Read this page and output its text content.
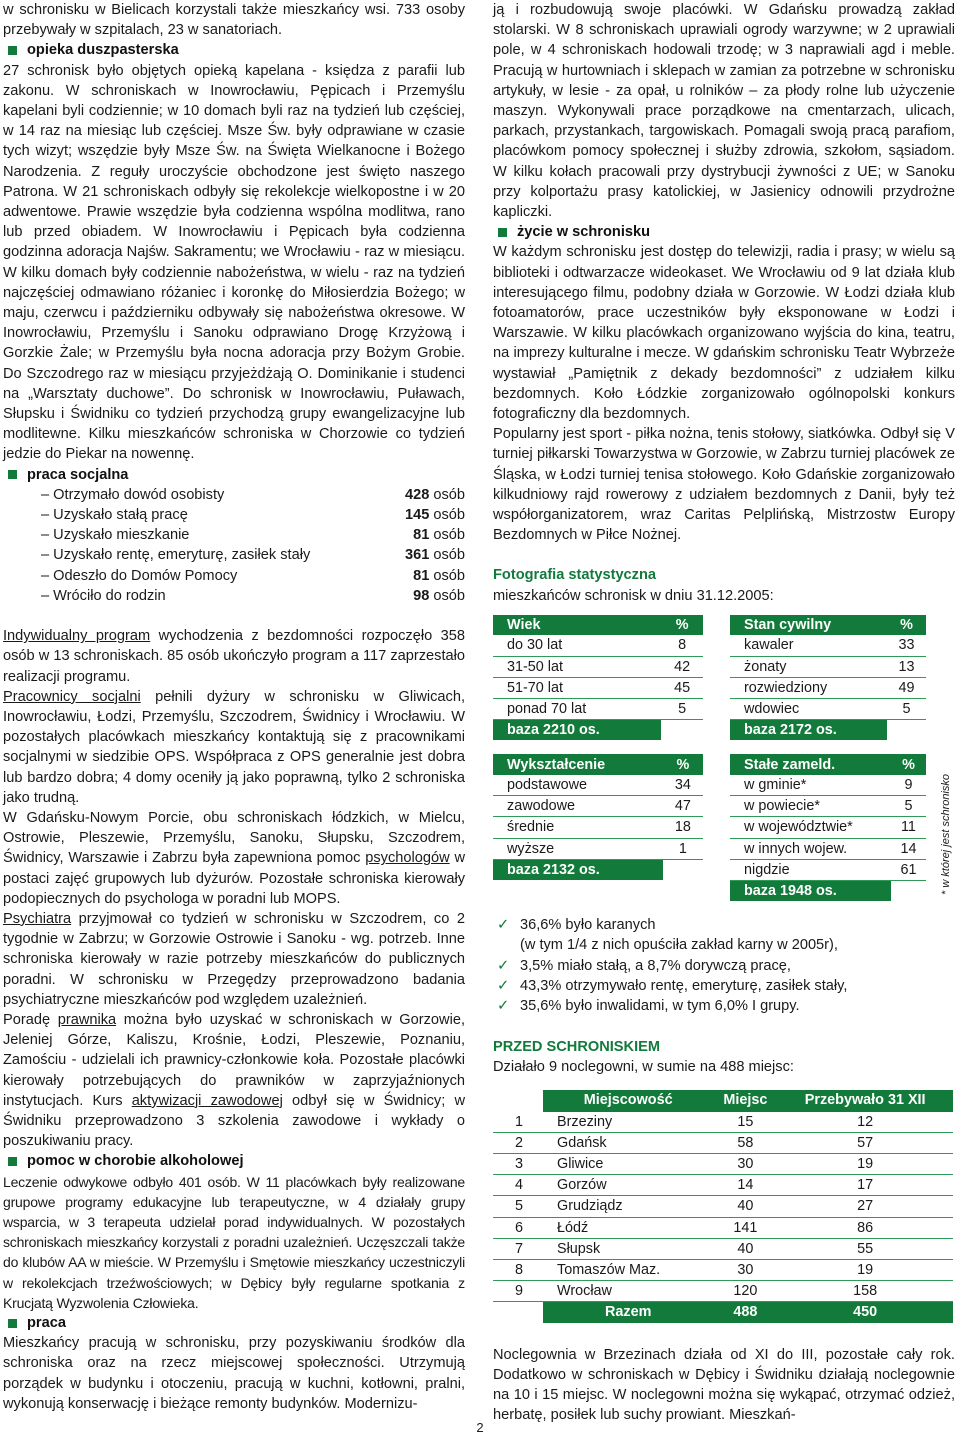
w schronisku w Bielicach korzystali także mieszkańcy wsi. 733 osoby przebywały w szpitalach, 23 w sanatoriach.

opieka duszpasterska

27 schronisk było objętych opieką kapelana - księdza z parafii lub zakonu. W schroniskach w Inowrocławiu, Pępicach i Przemyślu kapelani byli codziennie; w 10 domach byli raz na tydzień lub częściej, w 14 raz na miesiąc lub częściej. Msze Św. były odprawiane w czasie tych wizyt; wszędzie były Msze Św. na Święta Wielkanocne i Bożego Narodzenia. Z reguły uroczyście obchodzone jest święto naszego Patrona. W 21 schroniskach odbyły się rekolekcje wielkopostne i w 20 adwentowe. Prawie wszędzie była codzienna wspólna modlitwa, rano lub przed obiadem. W Inowrocławiu i Pępicach była codzienna godzinna adoracja Najśw. Sakramentu; we Wrocławiu - raz w miesiącu. W kilku domach były codziennie nabożeństwa, w wielu - raz na tydzień najczęściej odmawiano różaniec i koronkę do Miłosierdzia Bożego; w maju, czerwcu i październiku odbywały się nabożeństwa okresowe. W Inowrocławiu, Przemyślu i Sanoku odprawiano Drogę Krzyżową i Gorzkie Żale; w Przemyślu była nocna adoracja przy Bożym Grobie. Do Szczodrego raz w miesiącu przyjeżdżają O. Dominikanie i studenci na „Warsztaty duchowe”. Do schronisk w Inowrocławiu, Puławach, Słupsku i Świdniku co tydzień przychodzą grupy ewangelizacyjne lub modlitewne. Kilku mieszkańców schroniska w Chorzowie co tydzień jedzie do Piekar na nowennę.

praca socjalna
– Otrzymało dowód osobisty	428 osób
– Uzyskało stałą pracę	145 osób
– Uzyskało mieszkanie	81 osób
– Uzyskało rentę, emeryturę, zasiłek stały	361 osób
– Odeszło do Domów Pomocy	81 osób
– Wróciło do rodzin	98 osób

Indywidualny program wychodzenia z bezdomności rozpoczęło 358 osób w 13 schroniskach. 85 osób ukończyło program a 117 zaprzestało realizacji programu.

Pracownicy socjalni pełnili dyżury w schronisku w Gliwicach, Inowrocławiu, Łodzi, Przemyślu, Szczodrem, Świdnicy i Wrocławiu. W pozostałych placówkach mieszkańcy kontaktują się z pracownikami socjalnymi w siedzibie OPS. Współpraca z OPS generalnie jest dobra lub bardzo dobra; 4 domy oceniły ją jako poprawną, tylko 2 schroniska jako trudną.

W Gdańsku-Nowym Porcie, obu schroniskach łódzkich, w Mielcu, Ostrowie, Pleszewie, Przemyślu, Sanoku, Słupsku, Szczodrem, Świdnicy, Warszawie i Zabrzu była zapewniona pomoc psychologów w postaci zajęć grupowych lub dyżurów. Pozostałe schroniska kierowały podopiecznych do psychologa w poradni lub MOPS.

Psychiatra przyjmował co tydzień w schronisku w Szczodrem, co 2 tygodnie w Zabrzu; w Gorzowie Ostrowie i Sanoku - wg. potrzeb. Inne schroniska kierowały w razie potrzeby mieszkańców do publicznych poradni. W schronisku w Przegędzy przeprowadzono badania psychiatryczne mieszkańców pod względem uzależnień.

Poradę prawnika można było uzyskać w schroniskach w Gorzowie, Jeleniej Górze, Kaliszu, Krośnie, Łodzi, Pleszewie, Poznaniu, Zamościu - udzielali ich prawnicy-członkowie koła. Pozostałe placówki kierowały potrzebujących do prawników w zaprzyjaźnionych instytucjach. Kurs aktywizacji zawodowej odbył się w Świdnicy; w Świdniku przeprowadzono 3 szkolenia zawodowe i wykłady o poszukiwaniu pracy.

pomoc w chorobie alkoholowej

Leczenie odwykowe odbyło 401 osób. W 11 placówkach były realizowane grupowe programy edukacyjne lub terapeutyczne, w 4 działały grupy wsparcia, w 3 terapeuta udzielał porad indywidualnych. W pozostałych schroniskach mieszkańcy korzystali z poradni uzależnień. Uczęszczali także do klubów AA w mieście. W Przemyślu i Smętowie mieszkańcy uczestniczyli w rekolekcjach trzeźwościowych; w Dębicy były regularne spotkania z Krucjatą Wyzwolenia Człowieka.

praca

Mieszkańcy pracują w schronisku, przy pozyskiwaniu środków dla schroniska oraz na rzecz miejscowej społeczności. Utrzymują porządek w budynku i otoczeniu, pracują w kuchni, kotłowni, pralni, wykonują konserwację i bieżące remonty budynków. Modernizu-

ją i rozbudowują swoje placówki. W Gdańsku prowadzą zakład stolarski. W 8 schroniskach uprawiali ogrody warzywne; w 2 uprawiali pole, w 4 schroniskach hodowali trzodę; w 3 naprawiali agd i meble. Pracują w hurtowniach i sklepach w zamian za potrzebne w schronisku artykuły, w lesie - za opał, u rolników – za płody rolne lub użyczenie maszyn. Wykonywali prace porządkowe na cmentarzach, ulicach, parkach, przystankach, targowiskach. Pomagali swoją pracą parafiom, placówkom pomocy społecznej i służby zdrowia, szkołom, sąsiadom. W kilku kołach pracowali przy dystrybucji żywności z UE; w Sanoku przy kolportażu prasy katolickiej, w Jasienicy odnowili przydrożne kapliczki.

życie w schronisku

W każdym schronisku jest dostęp do telewizji, radia i prasy; w wielu są biblioteki i odtwarzacze wideokaset. We Wrocławiu od 9 lat działa klub interesującego filmu, podobny działa w Gorzowie. W Łodzi działa klub fotoamatorów, prace uczestników były eksponowane w Łodzi i Warszawie. W kilku placówkach organizowano wyjścia do kina, teatru, na imprezy kulturalne i mecze. W gdańskim schronisku Teatr Wybrzeże wystawiał „Pamiętnik z dekady bezdomności” z udziałem kilku bezdomnych. Koło Łódzkie zorganizowało ogólnopolski konkurs fotograficzny dla bezdomnych.

Popularny jest sport - piłka nożna, tenis stołowy, siatkówka. Odbył się V turniej piłkarski Towarzystwa w Gorzowie, w Zabrzu turniej placówek ze Śląska, w Łodzi turniej tenisa stołowego. Koło Gdańskie zorganizowało kilkudniowy rajd rowerowy z udziałem bezdomnych z Danii, były też współorganizatorem, wraz Caritas Pelplińską, Mistrzostw Europy Bezdomnych w Piłce Nożnej.

Fotografia statystyczna
mieszkańców schronisk w dniu 31.12.2005:
Wiek	%
do 30 lat	8
31-50 lat	42
51-70 lat	45
ponad 70 lat	5
baza 2210 os.	
Stan cywilny	%
kawaler	33
żonaty	13
rozwiedziony	49
wdowiec	5
baza 2172 os.	
Wykształcenie	%
podstawowe	34
zawodowe	47
średnie	18
wyższe	1
baza 2132 os.	
Stałe zameld.	%
w gminie*	9
w powiecie*	5
w województwie*	11
w innych wojew.	14
nigdzie	61
baza 1948 os.	
✓ 36,6% było karanych
(w tym 1/4 z nich opuściła zakład karny w 2005r),
✓ 3,5% miało stałą, a 8,7% dorywczą pracę,
✓ 43,3% otrzymywało rentę, emeryturę, zasiłek stały,
✓ 35,6% było inwalidami, w tym 6,0% I grupy.
PRZED SCHRONISKIEM
Działało 9 noclegowni, w sumie na 488 miejsc:
	Miejscowość	Miejsc	Przebywało 31 XII
1	Brzeziny	15	12
2	Gdańsk	58	57
3	Gliwice	30	19
4	Gorzów	14	17
5	Grudziądz	40	27
6	Łódź	141	86
7	Słupsk	40	55
8	Tomaszów Maz.	30	19
9	Wrocław	120	158
	Razem	488	450

Noclegownia w Brzezinach działa od XI do III, pozostałe cały rok. Dodatkowo w schroniskach w Dębicy i Świdniku działają noclegownie na 10 i 15 miejsc. W noclegowni można się wykąpać, otrzymać odzież, herbatę, posiłek lub suchy prowiant. Mieszkań-

* w której jest schronisko
2
